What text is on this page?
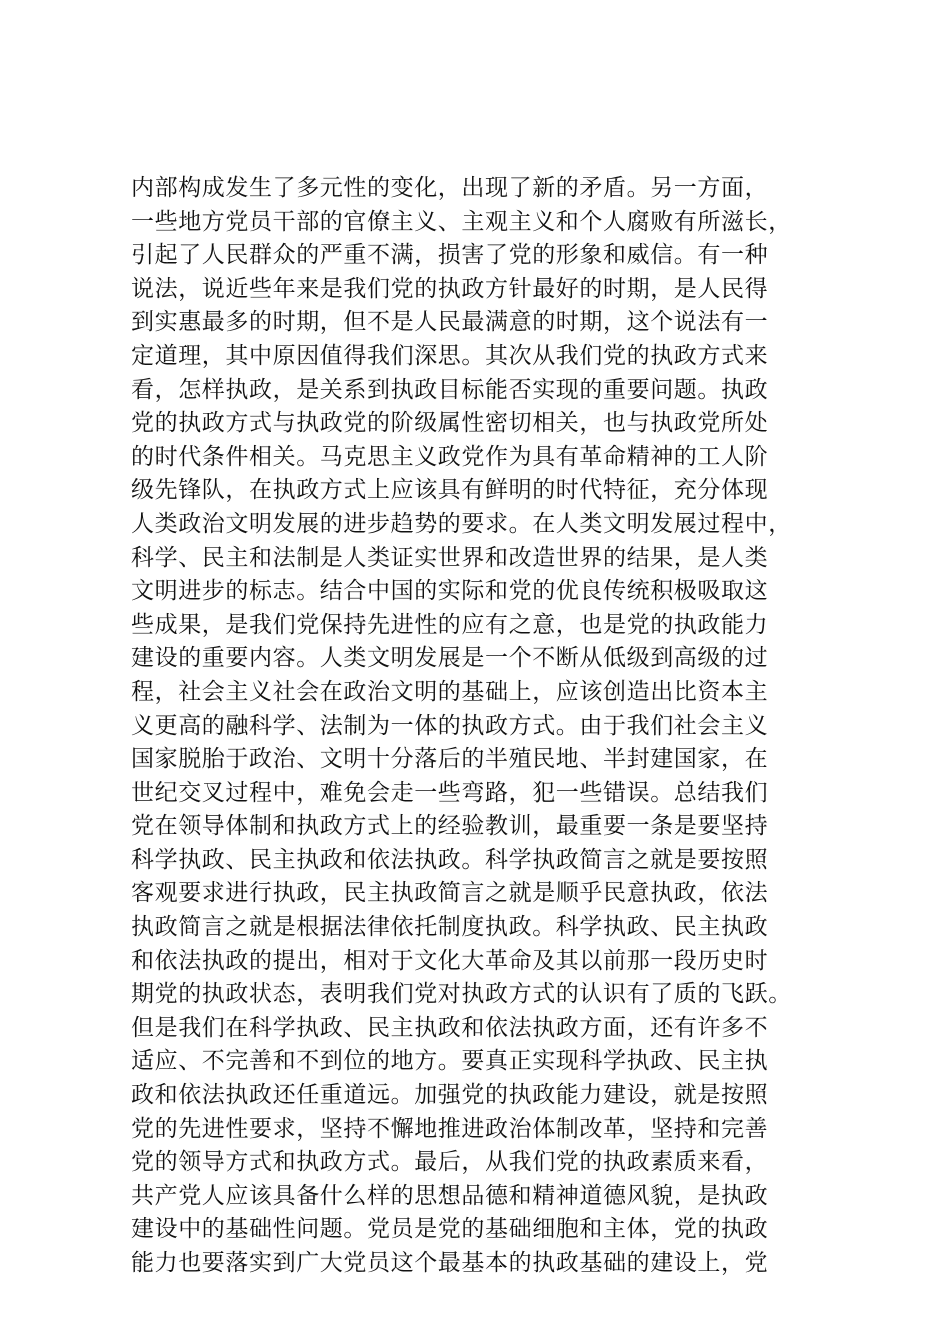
内部构成发生了多元性的变化，出现了新的矛盾。另一方面，
一些地方党员干部的官僚主义、主观主义和个人腐败有所滋长，
引起了人民群众的严重不满，损害了党的形象和威信。有一种
说法，说近些年来是我们党的执政方针最好的时期，是人民得
到实惠最多的时期，但不是人民最满意的时期，这个说法有一
定道理，其中原因值得我们深思。其次从我们党的执政方式来
看，怎样执政，是关系到执政目标能否实现的重要问题。执政
党的执政方式与执政党的阶级属性密切相关，也与执政党所处
的时代条件相关。马克思主义政党作为具有革命精神的工人阶
级先锋队，在执政方式上应该具有鲜明的时代特征，充分体现
人类政治文明发展的进步趋势的要求。在人类文明发展过程中，
科学、民主和法制是人类证实世界和改造世界的结果，是人类
文明进步的标志。结合中国的实际和党的优良传统积极吸取这
些成果，是我们党保持先进性的应有之意，也是党的执政能力
建设的重要内容。人类文明发展是一个不断从低级到高级的过
程，社会主义社会在政治文明的基础上，应该创造出比资本主
义更高的融科学、法制为一体的执政方式。由于我们社会主义
国家脱胎于政治、文明十分落后的半殖民地、半封建国家，在
世纪交叉过程中，难免会走一些弯路，犯一些错误。总结我们
党在领导体制和执政方式上的经验教训，最重要一条是要坚持
科学执政、民主执政和依法执政。科学执政简言之就是要按照
客观要求进行执政，民主执政简言之就是顺乎民意执政，依法
执政简言之就是根据法律依托制度执政。科学执政、民主执政
和依法执政的提出，相对于文化大革命及其以前那一段历史时
期党的执政状态，表明我们党对执政方式的认识有了质的飞跃。
但是我们在科学执政、民主执政和依法执政方面，还有许多不
适应、不完善和不到位的地方。要真正实现科学执政、民主执
政和依法执政还任重道远。加强党的执政能力建设，就是按照
党的先进性要求，坚持不懈地推进政治体制改革，坚持和完善
党的领导方式和执政方式。最后，从我们党的执政素质来看，
共产党人应该具备什么样的思想品德和精神道德风貌，是执政
建设中的基础性问题。党员是党的基础细胞和主体，党的执政
能力也要落实到广大党员这个最基本的执政基础的建设上，党
